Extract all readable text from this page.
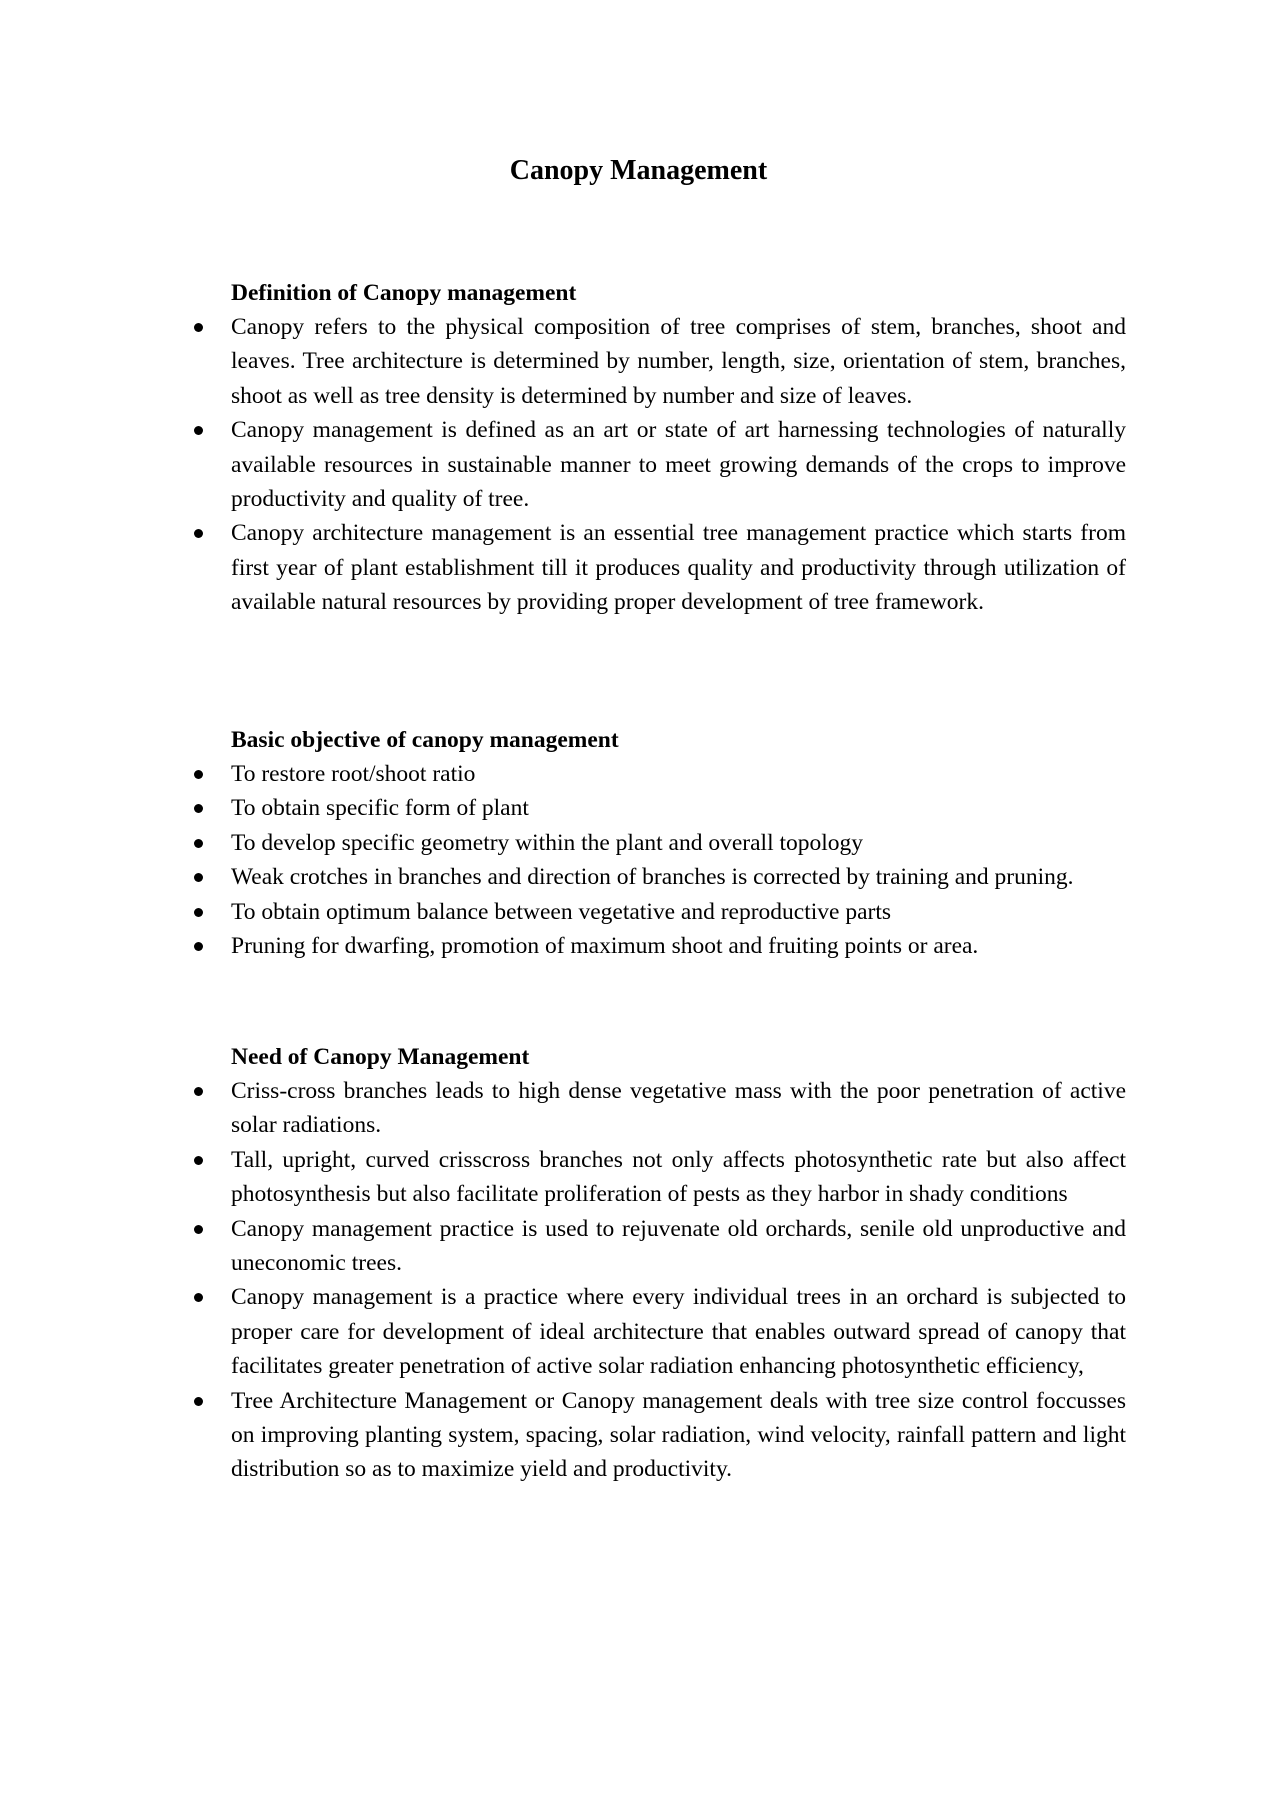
Canopy Management
Definition of Canopy management
Canopy refers to the physical composition of tree comprises of stem, branches, shoot and leaves. Tree architecture is determined by number, length, size, orientation of stem, branches, shoot as well as tree density is determined by number and size of leaves.
Canopy management is defined as an art or state of art harnessing technologies of naturally available resources in sustainable manner to meet growing demands of the crops to improve productivity and quality of tree.
Canopy architecture management is an essential tree management practice which starts from first year of plant establishment till it produces quality and productivity through utilization of available natural resources by providing proper development of tree framework.
Basic objective of canopy management
To restore root/shoot ratio
To obtain specific form of plant
To develop specific geometry within the plant and overall topology
Weak crotches in branches and direction of branches is corrected by training and pruning.
To obtain optimum balance between vegetative and reproductive parts
Pruning for dwarfing, promotion of maximum shoot and fruiting points or area.
Need of Canopy Management
Criss-cross branches leads to high dense vegetative mass with the poor penetration of active solar radiations.
Tall, upright, curved crisscross branches not only affects photosynthetic rate but also affect photosynthesis but also facilitate proliferation of pests as they harbor in shady conditions
Canopy management practice is used to rejuvenate old orchards, senile old unproductive and uneconomic trees.
Canopy management is a practice where every individual trees in an orchard is subjected to proper care for development of ideal architecture that enables outward spread of canopy that facilitates greater penetration of active solar radiation enhancing photosynthetic efficiency,
Tree Architecture Management or Canopy management deals with tree size control foccusses on improving planting system, spacing, solar radiation, wind velocity, rainfall pattern and light distribution so as to maximize yield and productivity.
